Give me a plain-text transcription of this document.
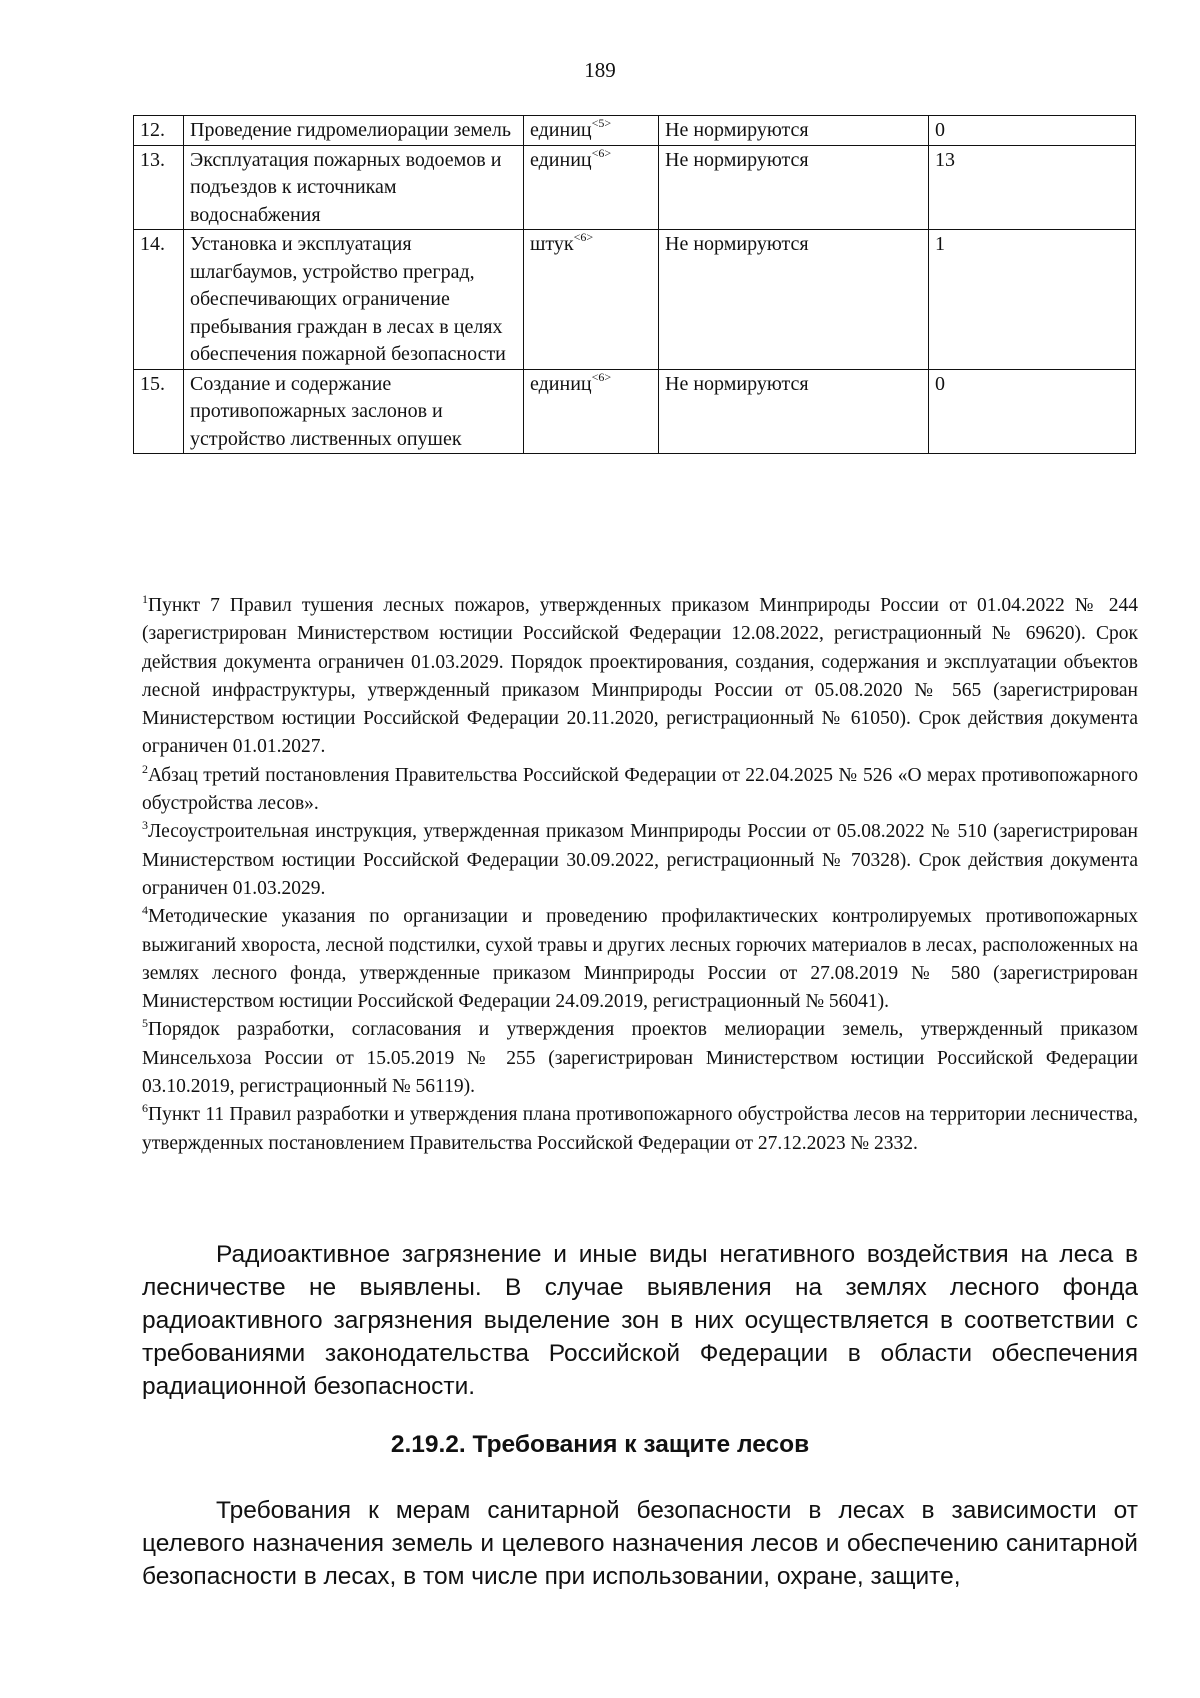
189
12.	Проведение гидромелиорации земель	единиц$^{<5>}$	Не нормируются	0
13.	Эксплуатация пожарных водоемов и подъездов к источникам водоснабжения	единиц$^{<6>}$	Не нормируются	13
14.	Установка и эксплуатация шлагбаумов, устройство преград, обеспечивающих ограничение пребывания граждан в лесах в целях обеспечения пожарной безопасности	штук$^{<6>}$	Не нормируются	1
15.	Создание и содержание противопожарных заслонов и устройство лиственных опушек	единиц$^{<6>}$	Не нормируются	0

$^1$Пункт 7 Правил тушения лесных пожаров, утвержденных приказом Минприроды России от 01.04.2022 № 244 (зарегистрирован Министерством юстиции Российской Федерации 12.08.2022, регистрационный № 69620). Срок действия документа ограничен 01.03.2029. Порядок проектирования, создания, содержания и эксплуатации объектов лесной инфраструктуры, утвержденный приказом Минприроды России от 05.08.2020 № 565 (зарегистрирован Министерством юстиции Российской Федерации 20.11.2020, регистрационный № 61050). Срок действия документа ограничен 01.01.2027.

$^2$Абзац третий постановления Правительства Российской Федерации от 22.04.2025 № 526 «О мерах противопожарного обустройства лесов».

$^3$Лесоустроительная инструкция, утвержденная приказом Минприроды России от 05.08.2022 № 510 (зарегистрирован Министерством юстиции Российской Федерации 30.09.2022, регистрационный № 70328). Срок действия документа ограничен 01.03.2029.

$^4$Методические указания по организации и проведению профилактических контролируемых противопожарных выжиганий хвороста, лесной подстилки, сухой травы и других лесных горючих материалов в лесах, расположенных на землях лесного фонда, утвержденные приказом Минприроды России от 27.08.2019 № 580 (зарегистрирован Министерством юстиции Российской Федерации 24.09.2019, регистрационный № 56041).

$^5$Порядок разработки, согласования и утверждения проектов мелиорации земель, утвержденный приказом Минсельхоза России от 15.05.2019 № 255 (зарегистрирован Министерством юстиции Российской Федерации 03.10.2019, регистрационный № 56119).

$^6$Пункт 11 Правил разработки и утверждения плана противопожарного обустройства лесов на территории лесничества, утвержденных постановлением Правительства Российской Федерации от 27.12.2023 № 2332.

Радиоактивное загрязнение и иные виды негативного воздействия на леса в лесничестве не выявлены. В случае выявления на землях лесного фонда радиоактивного загрязнения выделение зон в них осуществляется в соответствии с требованиями законодательства Российской Федерации в области обеспечения радиационной безопасности.

2.19.2. Требования к защите лесов

Требования к мерам санитарной безопасности в лесах в зависимости от целевого назначения земель и целевого назначения лесов и обеспечению санитарной безопасности в лесах, в том числе при использовании, охране, защите,
